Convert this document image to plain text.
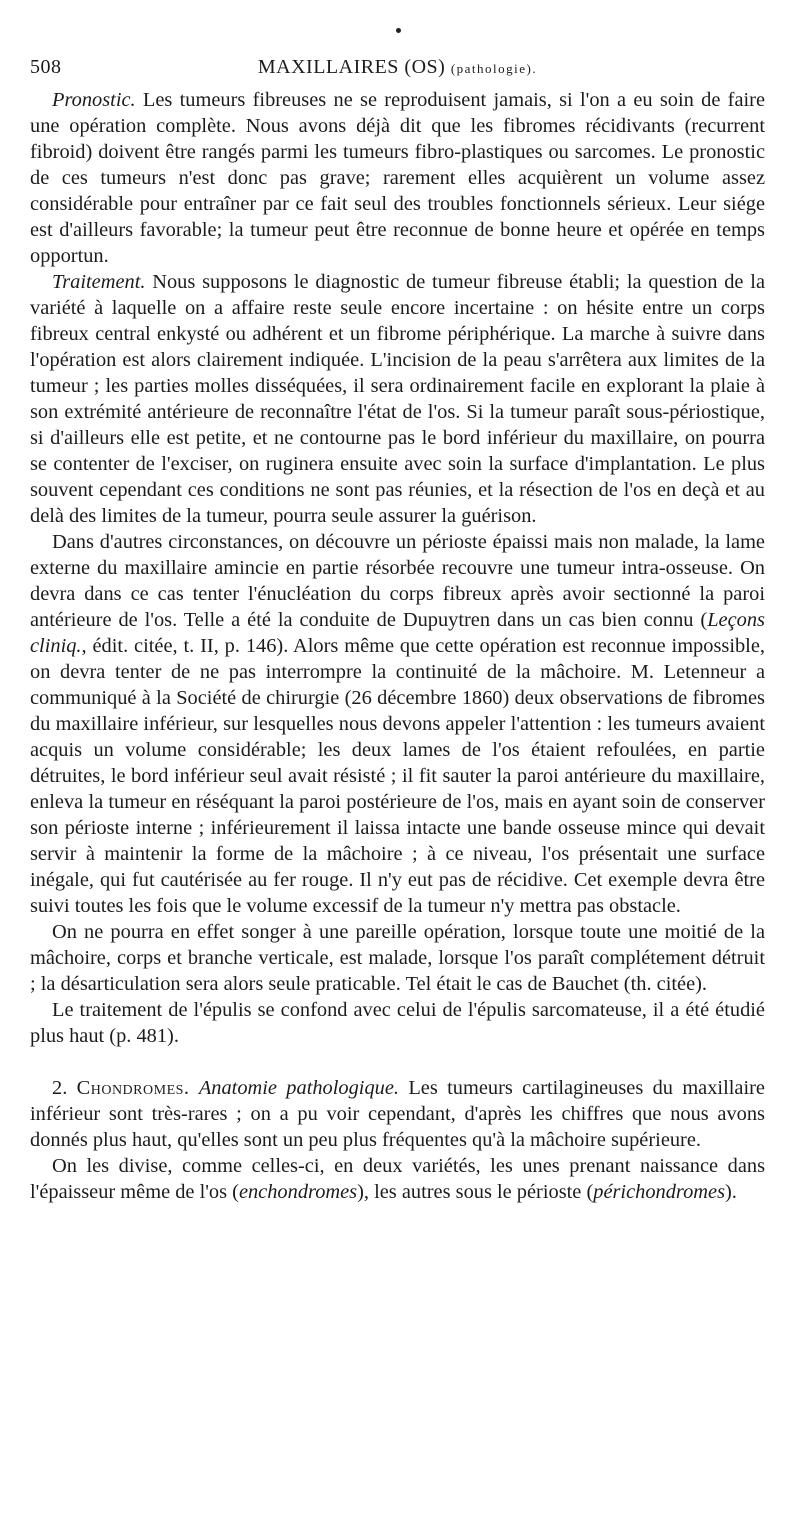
508	MAXILLAIRES (OS) (pathologie).

Pronostic. Les tumeurs fibreuses ne se reproduisent jamais, si l'on a eu soin de faire une opération complète. Nous avons déjà dit que les fibromes récidivants (recurrent fibroid) doivent être rangés parmi les tumeurs fibro-plastiques ou sarcomes. Le pronostic de ces tumeurs n'est donc pas grave; rarement elles acquièrent un volume assez considérable pour entraîner par ce fait seul des troubles fonctionnels sérieux. Leur siége est d'ailleurs favorable; la tumeur peut être reconnue de bonne heure et opérée en temps opportun.

Traitement. Nous supposons le diagnostic de tumeur fibreuse établi; la question de la variété à laquelle on a affaire reste seule encore incertaine : on hésite entre un corps fibreux central enkysté ou adhérent et un fibrome périphérique. La marche à suivre dans l'opération est alors clairement indiquée. L'incision de la peau s'arrêtera aux limites de la tumeur ; les parties molles disséquées, il sera ordinairement facile en explorant la plaie à son extrémité antérieure de reconnaître l'état de l'os. Si la tumeur paraît sous-périostique, si d'ailleurs elle est petite, et ne contourne pas le bord inférieur du maxillaire, on pourra se contenter de l'exciser, on ruginera ensuite avec soin la surface d'implantation. Le plus souvent cependant ces conditions ne sont pas réunies, et la résection de l'os en deçà et au delà des limites de la tumeur, pourra seule assurer la guérison.

Dans d'autres circonstances, on découvre un périoste épaissi mais non malade, la lame externe du maxillaire amincie en partie résorbée recouvre une tumeur intra-osseuse. On devra dans ce cas tenter l'énucléation du corps fibreux après avoir sectionné la paroi antérieure de l'os. Telle a été la conduite de Dupuytren dans un cas bien connu (Leçons cliniq., édit. citée, t. II, p. 146). Alors même que cette opération est reconnue impossible, on devra tenter de ne pas interrompre la continuité de la mâchoire. M. Letenneur a communiqué à la Société de chirurgie (26 décembre 1860) deux observations de fibromes du maxillaire inférieur, sur lesquelles nous devons appeler l'attention : les tumeurs avaient acquis un volume considérable; les deux lames de l'os étaient refoulées, en partie détruites, le bord inférieur seul avait résisté ; il fit sauter la paroi antérieure du maxillaire, enleva la tumeur en réséquant la paroi postérieure de l'os, mais en ayant soin de conserver son périoste interne ; inférieurement il laissa intacte une bande osseuse mince qui devait servir à maintenir la forme de la mâchoire ; à ce niveau, l'os présentait une surface inégale, qui fut cautérisée au fer rouge. Il n'y eut pas de récidive. Cet exemple devra être suivi toutes les fois que le volume excessif de la tumeur n'y mettra pas obstacle.

On ne pourra en effet songer à une pareille opération, lorsque toute une moitié de la mâchoire, corps et branche verticale, est malade, lorsque l'os paraît complétement détruit ; la désarticulation sera alors seule praticable. Tel était le cas de Bauchet (th. citée).

Le traitement de l'épulis se confond avec celui de l'épulis sarcomateuse, il a été étudié plus haut (p. 481).

2. Chondromes. Anatomie pathologique. Les tumeurs cartilagineuses du maxillaire inférieur sont très-rares ; on a pu voir cependant, d'après les chiffres que nous avons donnés plus haut, qu'elles sont un peu plus fréquentes qu'à la mâchoire supérieure.

On les divise, comme celles-ci, en deux variétés, les unes prenant naissance dans l'épaisseur même de l'os (enchondromes), les autres sous le périoste (périchondromes).
